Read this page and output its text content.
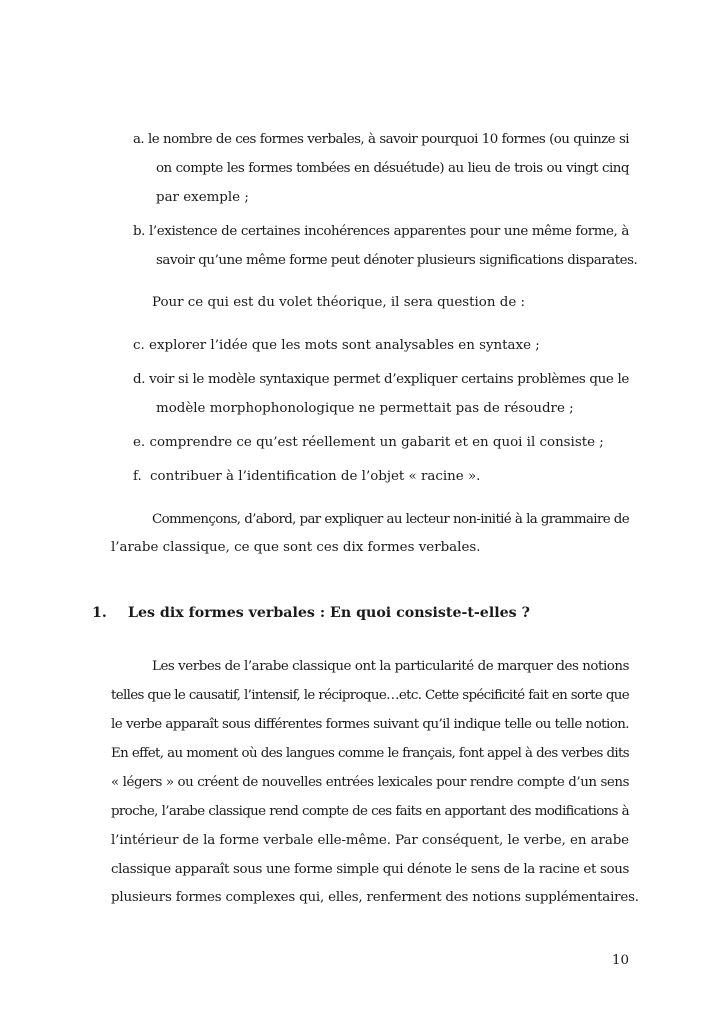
a. le nombre de ces formes verbales, à savoir pourquoi 10 formes (ou quinze si
on compte les formes tombées en désuétude) au lieu de trois ou vingt cinq
par exemple ;
b. l’existence de certaines incohérences apparentes pour une même forme, à
savoir qu’une même forme peut dénoter plusieurs significations disparates.
Pour ce qui est du volet théorique, il sera question de :
c. explorer l’idée que les mots sont analysables en syntaxe ;
d. voir si le modèle syntaxique permet d’expliquer certains problèmes que le
modèle morphophonologique ne permettait pas de résoudre ;
e. comprendre ce qu’est réellement un gabarit et en quoi il consiste ;
f. contribuer à l’identification de l’objet « racine ».
Commençons, d’abord, par expliquer au lecteur non-initié à la grammaire de
l’arabe classique, ce que sont ces dix formes verbales.
1. Les dix formes verbales : En quoi consiste-t-elles ?
Les verbes de l’arabe classique ont la particularité de marquer des notions
telles que le causatif, l’intensif, le réciproque…etc. Cette spécificité fait en sorte que
le verbe apparaît sous différentes formes suivant qu’il indique telle ou telle notion.
En effet, au moment où des langues comme le français, font appel à des verbes dits
« légers » ou créent de nouvelles entrées lexicales pour rendre compte d’un sens
proche, l’arabe classique rend compte de ces faits en apportant des modifications à
l’intérieur de la forme verbale elle-même. Par conséquent, le verbe, en arabe
classique apparaît sous une forme simple qui dénote le sens de la racine et sous
plusieurs formes complexes qui, elles, renferment des notions supplémentaires.
10
